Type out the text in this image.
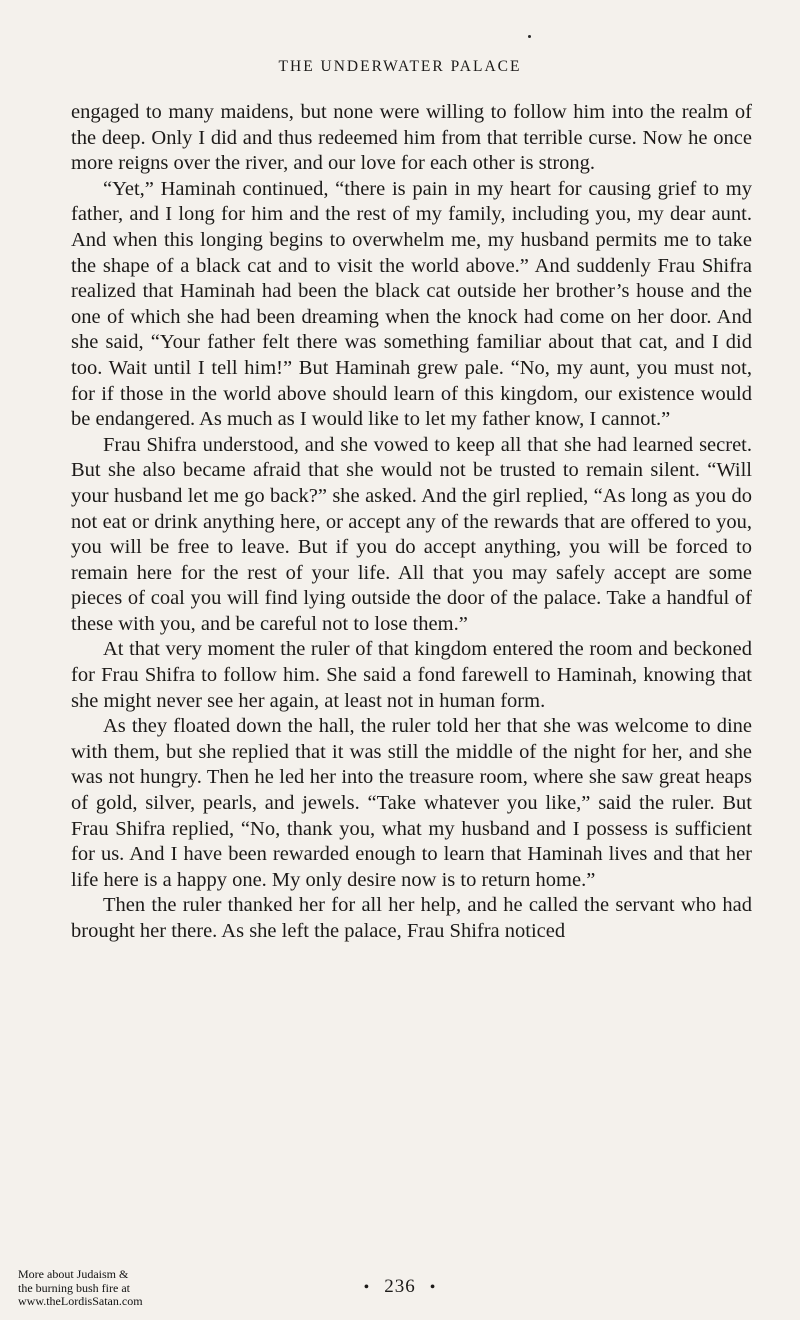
THE UNDERWATER PALACE

engaged to many maidens, but none were willing to follow him into the realm of the deep. Only I did and thus redeemed him from that terrible curse. Now he once more reigns over the river, and our love for each other is strong.

“Yet,” Haminah continued, “there is pain in my heart for causing grief to my father, and I long for him and the rest of my family, including you, my dear aunt. And when this longing begins to overwhelm me, my husband permits me to take the shape of a black cat and to visit the world above.” And suddenly Frau Shifra realized that Haminah had been the black cat outside her brother’s house and the one of which she had been dreaming when the knock had come on her door. And she said, “Your father felt there was something familiar about that cat, and I did too. Wait until I tell him!” But Haminah grew pale. “No, my aunt, you must not, for if those in the world above should learn of this kingdom, our existence would be endangered. As much as I would like to let my father know, I cannot.”

Frau Shifra understood, and she vowed to keep all that she had learned secret. But she also became afraid that she would not be trusted to remain silent. “Will your husband let me go back?” she asked. And the girl replied, “As long as you do not eat or drink anything here, or accept any of the rewards that are offered to you, you will be free to leave. But if you do accept anything, you will be forced to remain here for the rest of your life. All that you may safely accept are some pieces of coal you will find lying outside the door of the palace. Take a handful of these with you, and be careful not to lose them.”

At that very moment the ruler of that kingdom entered the room and beckoned for Frau Shifra to follow him. She said a fond farewell to Haminah, knowing that she might never see her again, at least not in human form.

As they floated down the hall, the ruler told her that she was welcome to dine with them, but she replied that it was still the middle of the night for her, and she was not hungry. Then he led her into the treasure room, where she saw great heaps of gold, silver, pearls, and jewels. “Take whatever you like,” said the ruler. But Frau Shifra replied, “No, thank you, what my husband and I possess is sufficient for us. And I have been rewarded enough to learn that Haminah lives and that her life here is a happy one. My only desire now is to return home.”

Then the ruler thanked her for all her help, and he called the servant who had brought her there. As she left the palace, Frau Shifra noticed

• 236 •
More about Judaism &
the burning bush fire at
www.theLordisSatan.com
